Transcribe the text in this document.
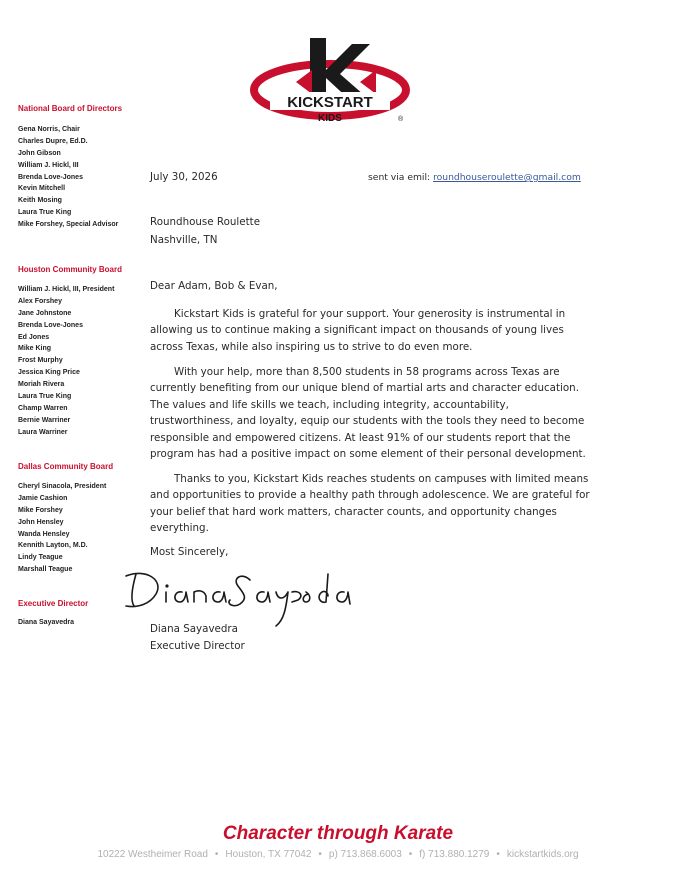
KICKSTART
KIDS	®
National Board of Directors
Gena Norris, Chair
Charles Dupre, Ed.D.
John Gibson
William J. Hickl, III
Brenda Love-Jones
Kevin Mitchell
Keith Mosing
Laura True King
Mike Forshey, Special Advisor
Houston Community Board
William J. Hickl, III, President
Alex Forshey
Jane Johnstone
Brenda Love-Jones
Ed Jones
Mike King
Frost Murphy
Jessica King Price
Moriah Rivera
Laura True King
Champ Warren
Bernie Warriner
Laura Warriner
Dallas Community Board
Cheryl Sinacola, President
Jamie Cashion
Mike Forshey
John Hensley
Wanda Hensley
Kennith Layton, M.D.
Lindy Teague
Marshall Teague
Executive Director
Diana Sayavedra
July 30, 2026	sent via emil: roundhouseroulette@gmail.com
Roundhouse Roulette
Nashville, TN
Dear Adam, Bob & Evan,

Kickstart Kids is grateful for your support. Your generosity is instrumental in allowing us to continue making a significant impact on thousands of young lives across Texas, while also inspiring us to strive to do even more.

With your help, more than 8,500 students in 58 programs across Texas are currently benefiting from our unique blend of martial arts and character education. The values and life skills we teach, including integrity, accountability, trustworthiness, and loyalty, equip our students with the tools they need to become responsible and empowered citizens. At least 91% of our students report that the program has had a positive impact on some element of their personal development.

Thanks to you, Kickstart Kids reaches students on campuses with limited means and opportunities to provide a healthy path through adolescence. We are grateful for your belief that hard work matters, character counts, and opportunity changes everything.

Most Sincerely,
Diana Sayavedra
Executive Director
Character through Karate
10222 Westheimer Road • Houston, TX 77042 • p) 713.868.6003 • f) 713.880.1279 • kickstartkids.org
